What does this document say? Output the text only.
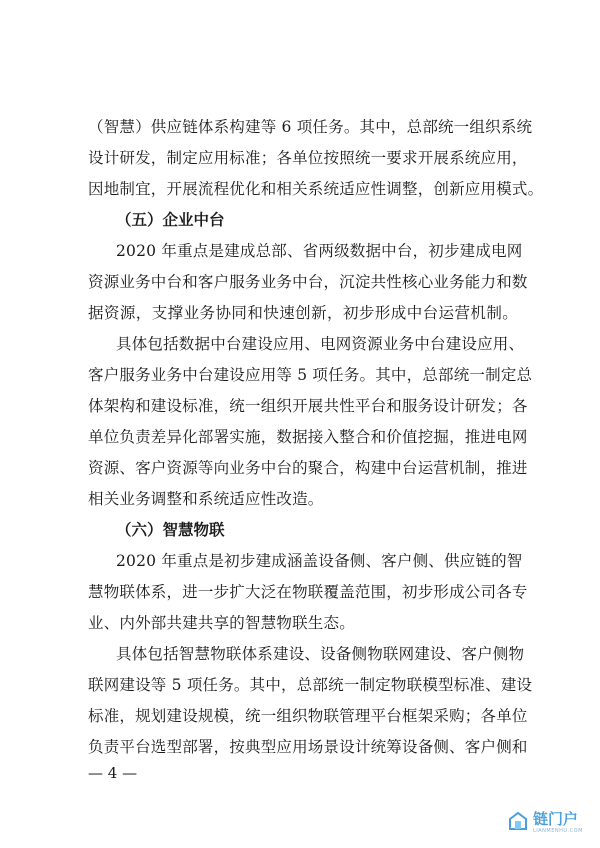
（智慧）供应链体系构建等 6 项任务。其中，总部统一组织系统
设计研发，制定应用标准；各单位按照统一要求开展系统应用，
因地制宜，开展流程优化和相关系统适应性调整，创新应用模式。
（五）企业中台
2020 年重点是建成总部、省两级数据中台，初步建成电网
资源业务中台和客户服务业务中台，沉淀共性核心业务能力和数
据资源，支撑业务协同和快速创新，初步形成中台运营机制。
具体包括数据中台建设应用、电网资源业务中台建设应用、
客户服务业务中台建设应用等 5 项任务。其中，总部统一制定总
体架构和建设标准，统一组织开展共性平台和服务设计研发；各
单位负责差异化部署实施，数据接入整合和价值挖掘，推进电网
资源、客户资源等向业务中台的聚合，构建中台运营机制，推进
相关业务调整和系统适应性改造。
（六）智慧物联
2020 年重点是初步建成涵盖设备侧、客户侧、供应链的智
慧物联体系，进一步扩大泛在物联覆盖范围，初步形成公司各专
业、内外部共建共享的智慧物联生态。
具体包括智慧物联体系建设、设备侧物联网建设、客户侧物
联网建设等 5 项任务。其中，总部统一制定物联模型标准、建设
标准，规划建设规模，统一组织物联管理平台框架采购；各单位
负责平台选型部署，按典型应用场景设计统筹设备侧、客户侧和
— 4 —
链门户
LIANMENHU.COM
